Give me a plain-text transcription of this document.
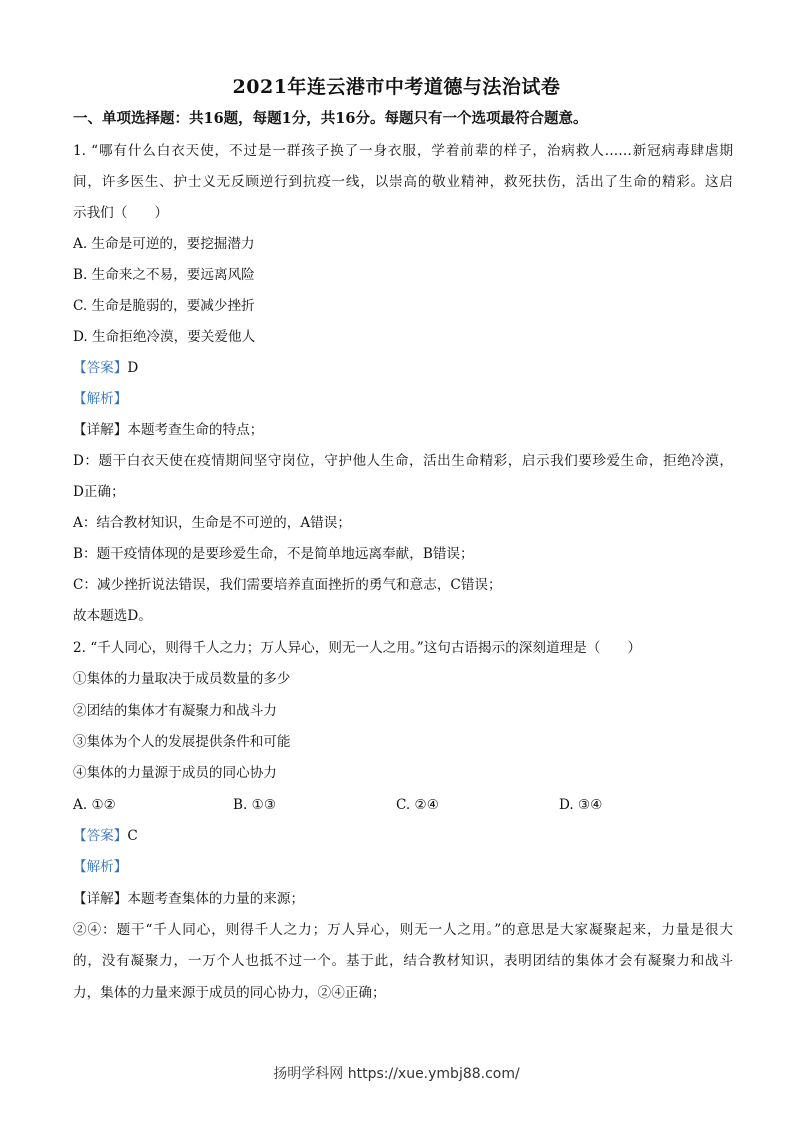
2021年连云港市中考道德与法治试卷
一、单项选择题：共16题，每题1分，共16分。每题只有一个选项最符合题意。
1. “哪有什么白衣天使，不过是一群孩子换了一身衣服，学着前辈的样子，治病救人……新冠病毒肆虐期
间，许多医生、护士义无反顾逆行到抗疫一线，以崇高的敬业精神，救死扶伤，活出了生命的精彩。这启
示我们（　　）
A. 生命是可逆的，要挖掘潜力
B. 生命来之不易，要远离风险
C. 生命是脆弱的，要减少挫折
D. 生命拒绝冷漠，要关爱他人
【答案】D
【解析】
【详解】本题考查生命的特点；
D：题干白衣天使在疫情期间坚守岗位，守护他人生命，活出生命精彩，启示我们要珍爱生命，拒绝冷漠，
D正确；
A：结合教材知识，生命是不可逆的，A错误；
B：题干疫情体现的是要珍爱生命，不是简单地远离奉献，B错误；
C：减少挫折说法错误，我们需要培养直面挫折的勇气和意志，C错误；
故本题选D。
2. “千人同心，则得千人之力；万人异心，则无一人之用。”这句古语揭示的深刻道理是（　　）
①集体的力量取决于成员数量的多少
②团结的集体才有凝聚力和战斗力
③集体为个人的发展提供条件和可能
④集体的力量源于成员的同心协力
A. ①②	B. ①③	C. ②④	D. ③④
【答案】C
【解析】
【详解】本题考查集体的力量的来源；
②④：题干“千人同心，则得千人之力；万人异心，则无一人之用。”的意思是大家凝聚起来，力量是很大
的，没有凝聚力，一万个人也抵不过一个。基于此，结合教材知识，表明团结的集体才会有凝聚力和战斗
力，集体的力量来源于成员的同心协力，②④正确；
扬明学科网 https://xue.ymbj88.com/
